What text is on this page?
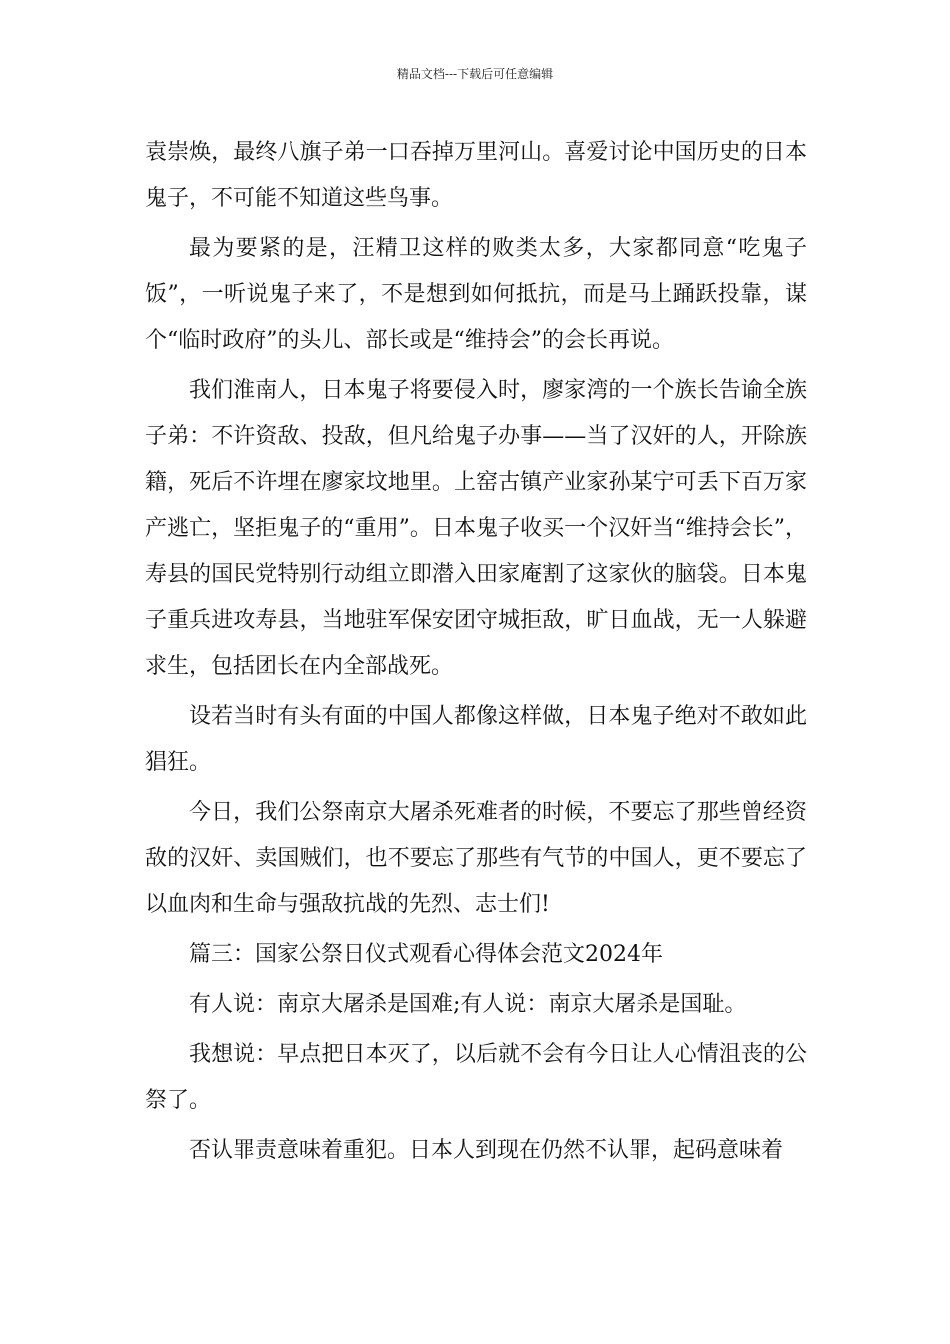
精品文档---下载后可任意编辑

袁崇焕，最终八旗子弟一口吞掉万里河山。喜爱讨论中国历史的日本鬼子，不可能不知道这些鸟事。

最为要紧的是，汪精卫这样的败类太多，大家都同意“吃鬼子饭”，一听说鬼子来了，不是想到如何抵抗，而是马上踊跃投靠，谋个“临时政府”的头儿、部长或是“维持会”的会长再说。

我们淮南人，日本鬼子将要侵入时，廖家湾的一个族长告谕全族子弟：不许资敌、投敌，但凡给鬼子办事——当了汉奸的人，开除族籍，死后不许埋在廖家坟地里。上窑古镇产业家孙某宁可丢下百万家产逃亡，坚拒鬼子的“重用”。日本鬼子收买一个汉奸当“维持会长”，寿县的国民党特别行动组立即潜入田家庵割了这家伙的脑袋。日本鬼子重兵进攻寿县，当地驻军保安团守城拒敌，旷日血战，无一人躲避求生，包括团长在内全部战死。

设若当时有头有面的中国人都像这样做，日本鬼子绝对不敢如此猖狂。

今日，我们公祭南京大屠杀死难者的时候，不要忘了那些曾经资敌的汉奸、卖国贼们，也不要忘了那些有气节的中国人，更不要忘了以血肉和生命与强敌抗战的先烈、志士们!

篇三：国家公祭日仪式观看心得体会范文2024年

有人说：南京大屠杀是国难;有人说：南京大屠杀是国耻。

我想说：早点把日本灭了，以后就不会有今日让人心情沮丧的公祭了。

否认罪责意味着重犯。日本人到现在仍然不认罪，起码意味着
